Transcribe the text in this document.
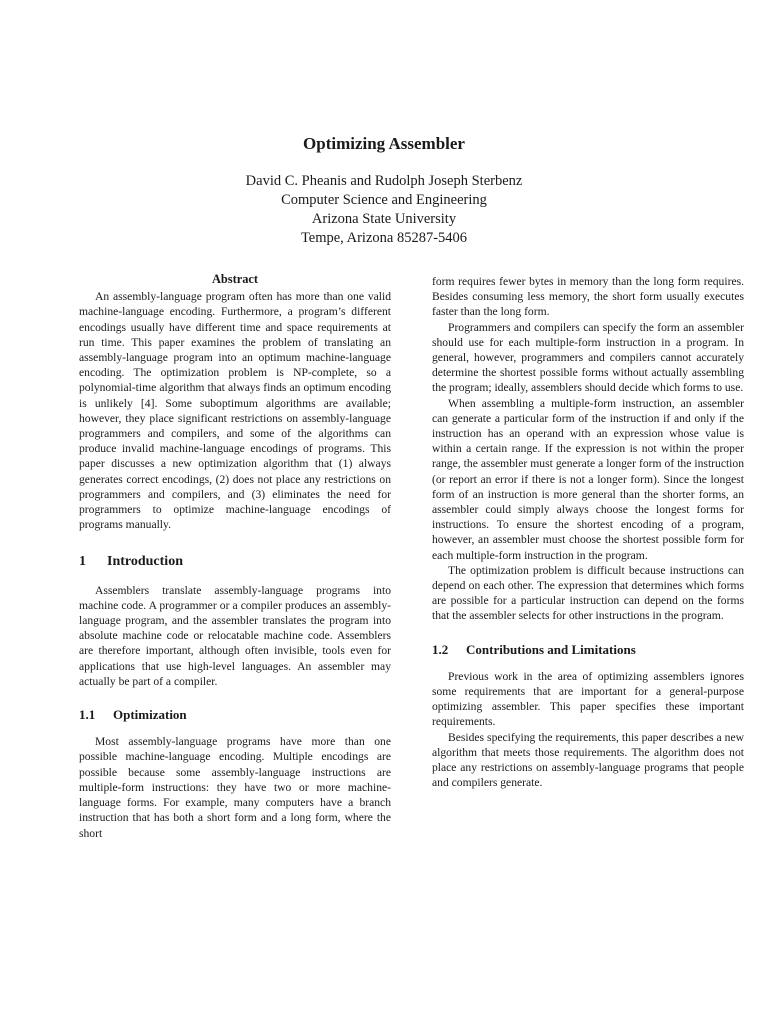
Optimizing Assembler
David C. Pheanis and Rudolph Joseph Sterbenz
Computer Science and Engineering
Arizona State University
Tempe, Arizona 85287-5406
Abstract

An assembly-language program often has more than one valid machine-language encoding. Furthermore, a program’s different encodings usually have different time and space requirements at run time. This paper examines the problem of translating an assembly-language program into an optimum machine-language encoding. The optimization problem is NP-complete, so a polynomial-time algorithm that always finds an optimum encoding is unlikely [4]. Some suboptimum algorithms are available; however, they place significant restrictions on assembly-language programmers and compilers, and some of the algorithms can produce invalid machine-language encodings of programs. This paper discusses a new optimization algorithm that (1) always generates correct encodings, (2) does not place any restrictions on programmers and compilers, and (3) eliminates the need for programmers to optimize machine-language encodings of programs manually.

1 Introduction

Assemblers translate assembly-language programs into machine code. A programmer or a compiler produces an assembly-language program, and the assembler translates the program into absolute machine code or relocatable machine code. Assemblers are therefore important, although often invisible, tools even for applications that use high-level languages. An assembler may actually be part of a compiler.

1.1 Optimization

Most assembly-language programs have more than one possible machine-language encoding. Multiple encodings are possible because some assembly-language instructions are multiple-form instructions: they have two or more machine-language forms. For example, many computers have a branch instruction that has both a short form and a long form, where the short

form requires fewer bytes in memory than the long form requires. Besides consuming less memory, the short form usually executes faster than the long form.

Programmers and compilers can specify the form an assembler should use for each multiple-form instruction in a program. In general, however, programmers and compilers cannot accurately determine the shortest possible forms without actually assembling the program; ideally, assemblers should decide which forms to use.

When assembling a multiple-form instruction, an assembler can generate a particular form of the instruction if and only if the instruction has an operand with an expression whose value is within a certain range. If the expression is not within the proper range, the assembler must generate a longer form of the instruction (or report an error if there is not a longer form). Since the longest form of an instruction is more general than the shorter forms, an assembler could simply always choose the longest forms for instructions. To ensure the shortest encoding of a program, however, an assembler must choose the shortest possible form for each multiple-form instruction in the program.

The optimization problem is difficult because instructions can depend on each other. The expression that determines which forms are possible for a particular instruction can depend on the forms that the assembler selects for other instructions in the program.

1.2 Contributions and Limitations

Previous work in the area of optimizing assemblers ignores some requirements that are important for a general-purpose optimizing assembler. This paper specifies these important requirements.

Besides specifying the requirements, this paper describes a new algorithm that meets those requirements. The algorithm does not place any restrictions on assembly-language programs that people and compilers generate.
